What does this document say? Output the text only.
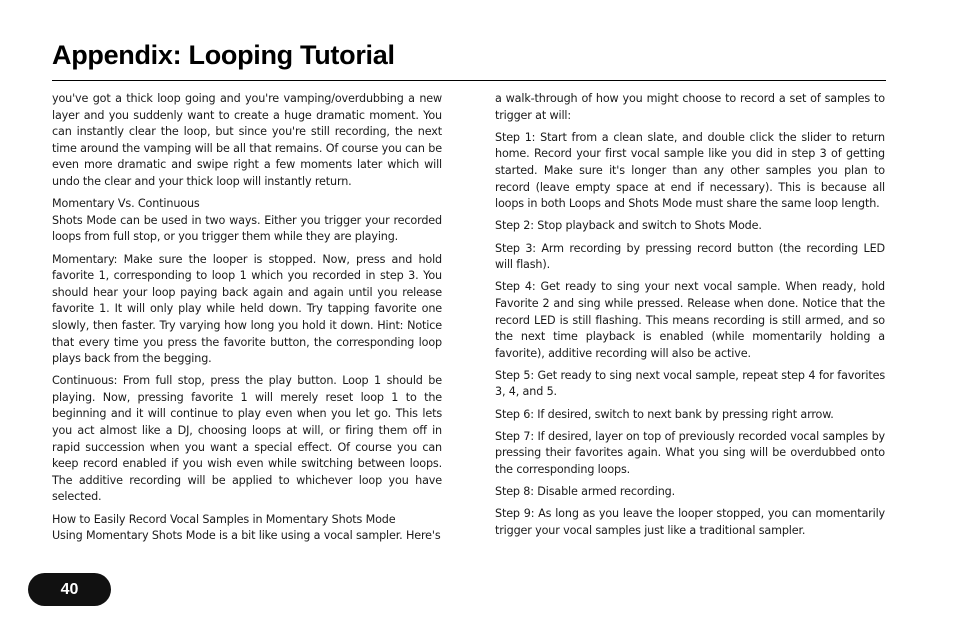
Appendix: Looping Tutorial

you've got a thick loop going and you're vamping/overdubbing a new layer and you suddenly want to create a huge dramatic moment. You can instantly clear the loop, but since you're still recording, the next time around the vamping will be all that remains. Of course you can be even more dramatic and swipe right a few moments later which will undo the clear and your thick loop will instantly return.

Momentary Vs. Continuous

Shots Mode can be used in two ways. Either you trigger your recorded loops from full stop, or you trigger them while they are playing.

Momentary: Make sure the looper is stopped. Now, press and hold favorite 1, corresponding to loop 1 which you recorded in step 3. You should hear your loop paying back again and again until you release favorite 1. It will only play while held down. Try tapping favorite one slowly, then faster. Try varying how long you hold it down. Hint: Notice that every time you press the favorite button, the corresponding loop plays back from the begging.

Continuous: From full stop, press the play button. Loop 1 should be playing. Now, pressing favorite 1 will merely reset loop 1 to the beginning and it will continue to play even when you let go. This lets you act almost like a DJ, choosing loops at will, or firing them off in rapid succession when you want a special effect. Of course you can keep record enabled if you wish even while switching between loops. The additive recording will be applied to whichever loop you have selected.

How to Easily Record Vocal Samples in Momentary Shots Mode

Using Momentary Shots Mode is a bit like using a vocal sampler. Here's

a walk-through of how you might choose to record a set of samples to trigger at will:

Step 1: Start from a clean slate, and double click the slider to return home. Record your first vocal sample like you did in step 3 of getting started. Make sure it's longer than any other samples you plan to record (leave empty space at end if necessary). This is because all loops in both Loops and Shots Mode must share the same loop length.

Step 2: Stop playback and switch to Shots Mode.

Step 3: Arm recording by pressing record button (the recording LED will flash).

Step 4: Get ready to sing your next vocal sample. When ready, hold Favorite 2 and sing while pressed. Release when done. Notice that the record LED is still flashing. This means recording is still armed, and so the next time playback is enabled (while momentarily holding a favorite), additive recording will also be active.

Step 5: Get ready to sing next vocal sample, repeat step 4 for favorites 3, 4, and 5.

Step 6: If desired, switch to next bank by pressing right arrow.

Step 7: If desired, layer on top of previously recorded vocal samples by pressing their favorites again. What you sing will be overdubbed onto the corresponding loops.

Step 8: Disable armed recording.

Step 9: As long as you leave the looper stopped, you can momentarily trigger your vocal samples just like a traditional sampler.

40
